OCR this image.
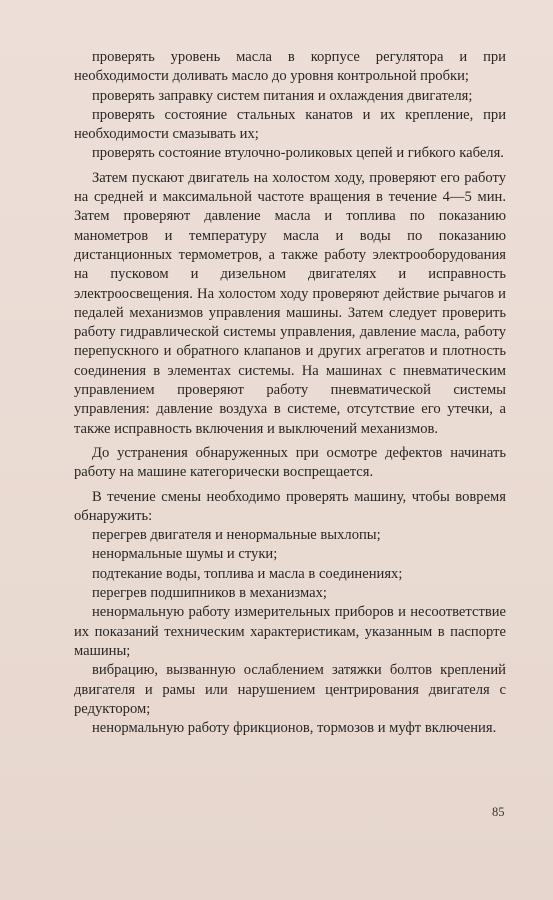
проверять уровень масла в корпусе регулятора и при необходимости доливать масло до уровня контрольной пробки;

проверять заправку систем питания и охлаждения двигателя;

проверять состояние стальных канатов и их крепление, при необходимости смазывать их;

проверять состояние втулочно-роликовых цепей и гибкого кабеля.

Затем пускают двигатель на холостом ходу, проверяют его работу на средней и максимальной частоте вращения в течение 4—5 мин. Затем проверяют давление масла и топлива по показанию манометров и температуру масла и воды по показанию дистанционных термометров, а также работу электрооборудования на пусковом и дизельном двигателях и исправность электроосвещения. На холостом ходу проверяют действие рычагов и педалей механизмов управления машины. Затем следует проверить работу гидравлической системы управления, давление масла, работу перепускного и обратного клапанов и других агрегатов и плотность соединения в элементах системы. На машинах с пневматическим управлением проверяют работу пневматической системы управления: давление воздуха в системе, отсутствие его утечки, а также исправность включения и выключений механизмов.

До устранения обнаруженных при осмотре дефектов начинать работу на машине категорически воспрещается.

В течение смены необходимо проверять машину, чтобы вовремя обнаружить:

перегрев двигателя и ненормальные выхлопы;

ненормальные шумы и стуки;

подтекание воды, топлива и масла в соединениях;

перегрев подшипников в механизмах;

ненормальную работу измерительных приборов и несоответствие их показаний техническим характеристикам, указанным в паспорте машины;

вибрацию, вызванную ослаблением затяжки болтов креплений двигателя и рамы или нарушением центрирования двигателя с редуктором;

ненормальную работу фрикционов, тормозов и муфт включения.

85
